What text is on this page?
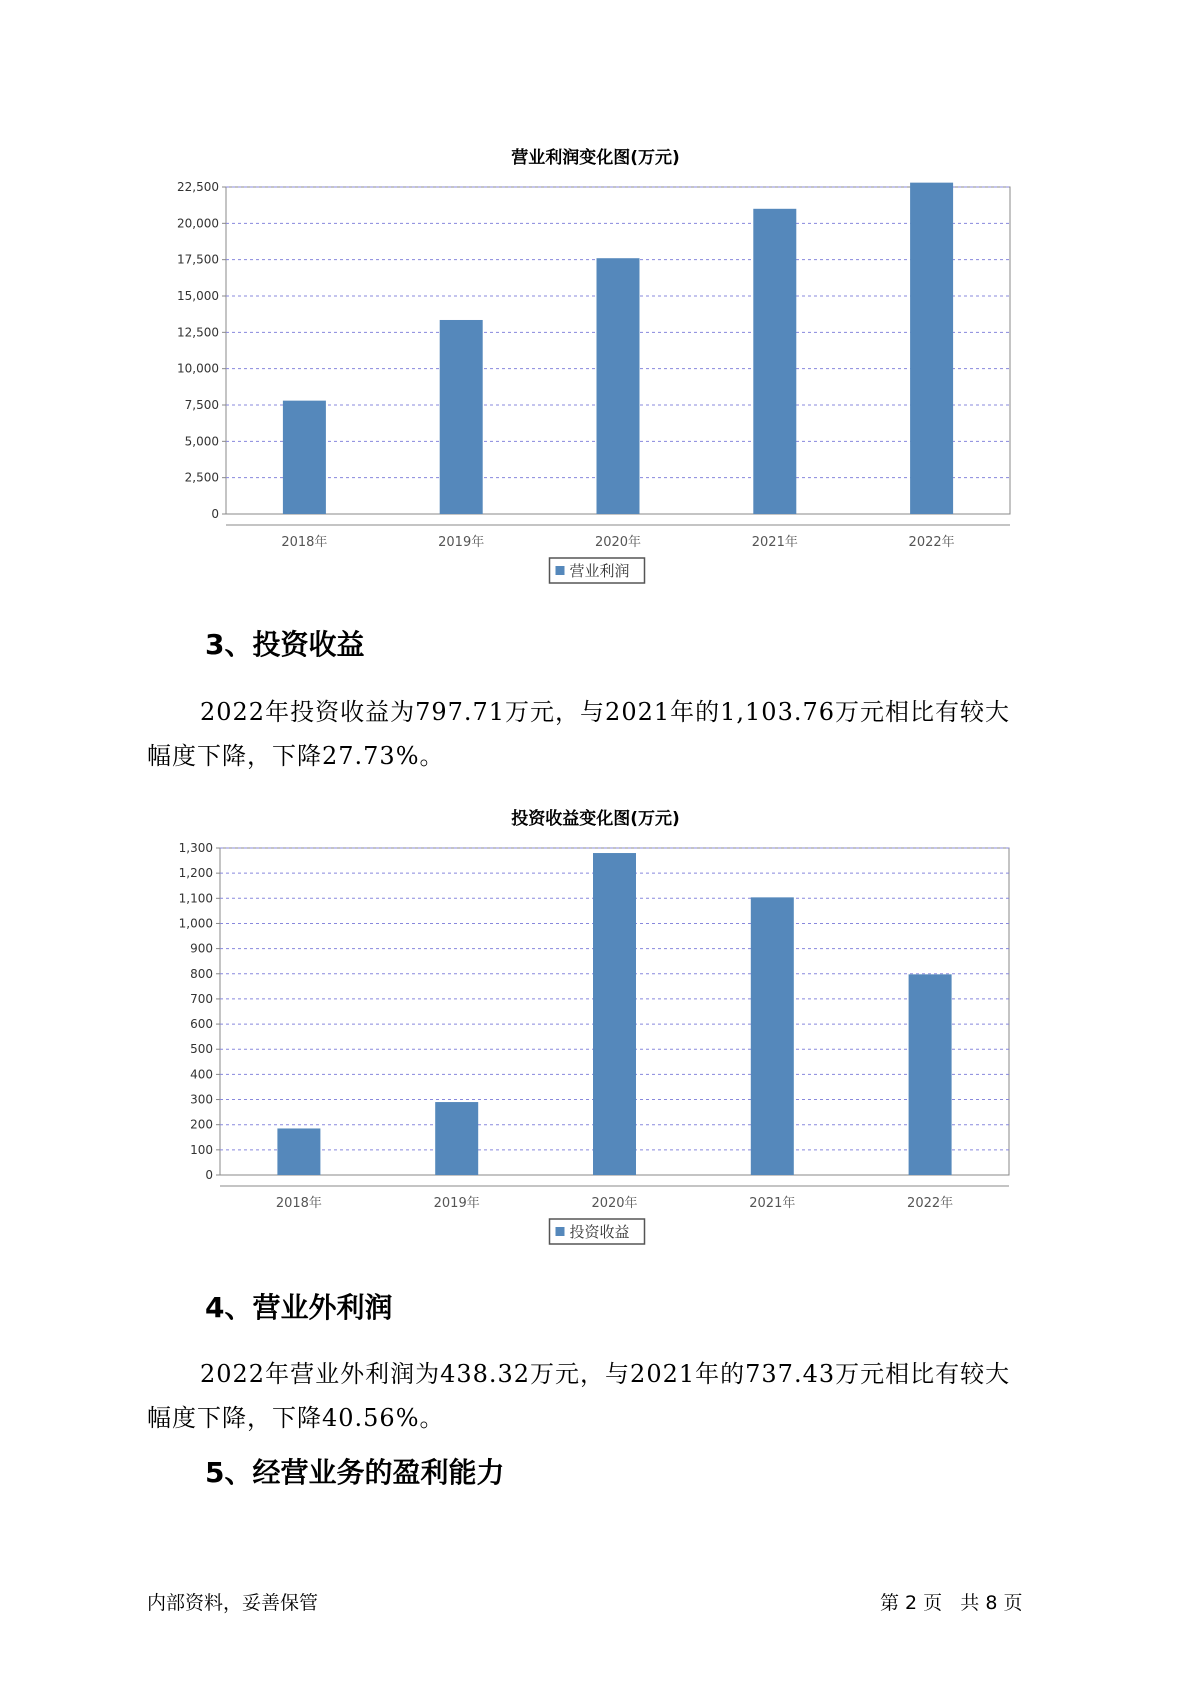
营业利润变化图(万元)
0
2,500
5,000
7,500
10,000
12,500
15,000
17,500
20,000
22,500
2018年	2019年	2020年	2021年	2022年
营业利润
3、投资收益
2022年投资收益为797.71万元，与2021年的1,103.76万元相比有较大
幅度下降，下降27.73%。
投资收益变化图(万元)
0
100
200
300
400
500
600
700
800
900
1,000
1,100
1,200
1,300
2018年	2019年	2020年	2021年	2022年
投资收益
4、营业外利润
2022年营业外利润为438.32万元，与2021年的737.43万元相比有较大
幅度下降，下降40.56%。
5、经营业务的盈利能力
内部资料，妥善保管	第 2 页   共 8 页
